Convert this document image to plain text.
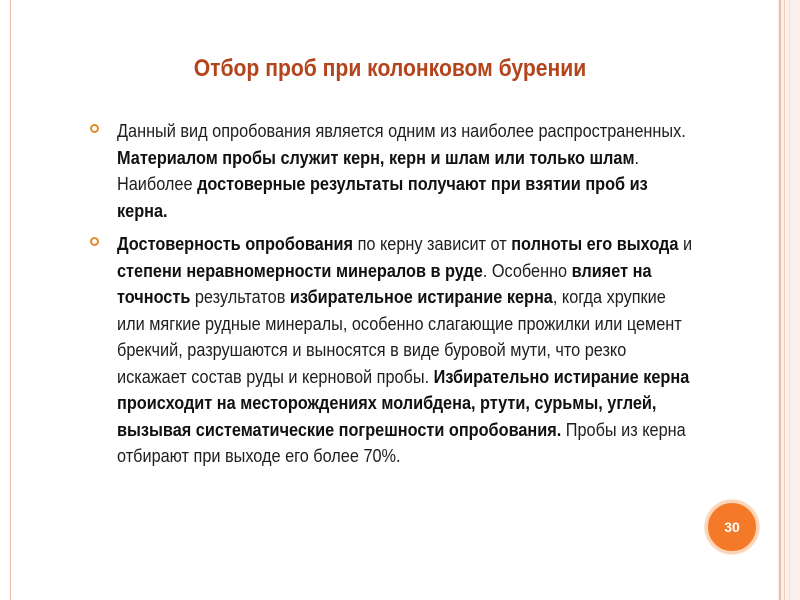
Отбор проб при колонковом бурении
Данный вид опробования является одним из наиболее распространенных. Материалом пробы служит керн, керн и шлам или только шлам. Наиболее достоверные результаты получают при взятии проб из керна.
Достоверность опробования по керну зависит от полноты его выхода и степени неравномерности минералов в руде. Особенно влияет на точность результатов избирательное истирание керна, когда хрупкие или мягкие рудные минералы, особенно слагающие прожилки или цемент брекчий, разрушаются и выносятся в виде буровой мути, что резко искажает состав руды и керновой пробы. Избирательно истирание керна происходит на месторождениях молибдена, ртути, сурьмы, углей, вызывая систематические погрешности опробования. Пробы из керна отбирают при выходе его более 70%.
30
